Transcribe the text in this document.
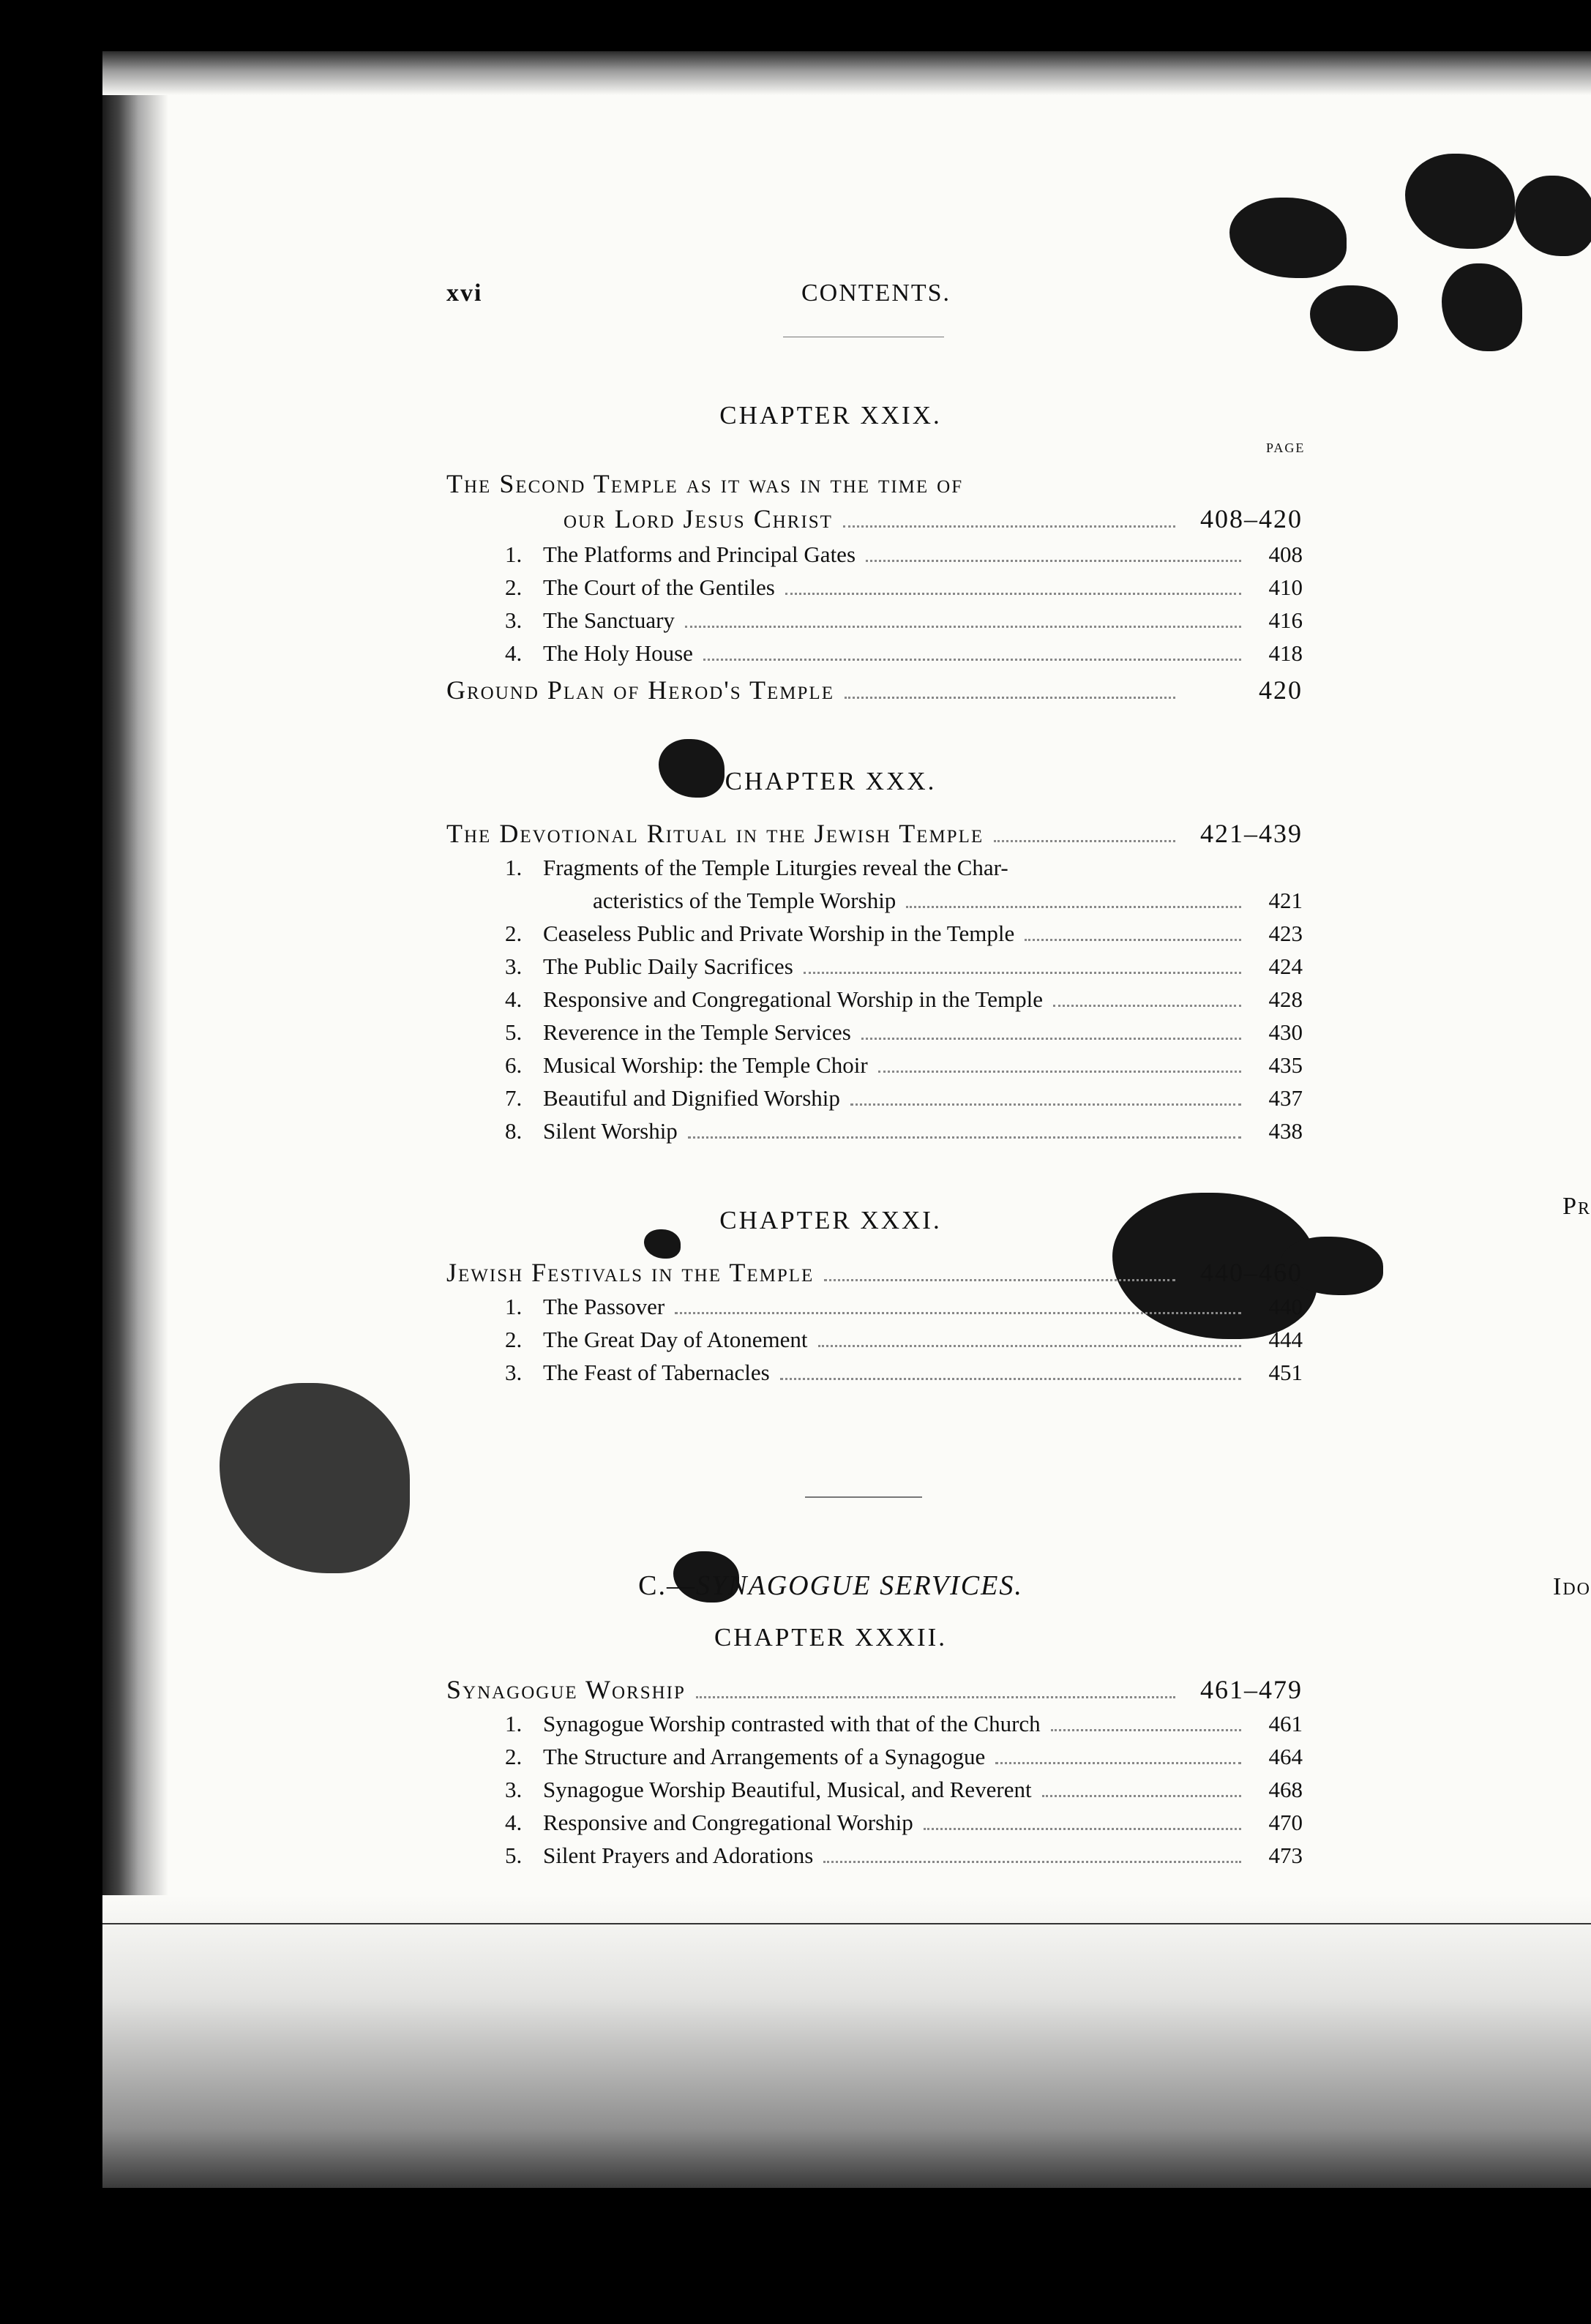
xvi	CONTENTS.
PAGE
CHAPTER XXIX.
The Second Temple as it was in the time of
our Lord Jesus Christ	408–420
1. The Platforms and Principal Gates	408
2. The Court of the Gentiles	410
3. The Sanctuary	416
4. The Holy House	418
Ground Plan of Herod's Temple	420
CHAPTER XXX.
The Devotional Ritual in the Jewish Temple	421–439
1. Fragments of the Temple Liturgies reveal the Char-
acteristics of the Temple Worship	421
2. Ceaseless Public and Private Worship in the Temple	423
3. The Public Daily Sacrifices	424
4. Responsive and Congregational Worship in the Temple	428
5. Reverence in the Temple Services	430
6. Musical Worship: the Temple Choir	435
7. Beautiful and Dignified Worship	437
8. Silent Worship	438
CHAPTER XXXI.
Jewish Festivals in the Temple	440–460
1. The Passover	440
2. The Great Day of Atonement	444
3. The Feast of Tabernacles	451
C.—SYNAGOGUE SERVICES.
CHAPTER XXXII.
Synagogue Worship	461–479
1. Synagogue Worship contrasted with that of the Church	461
2. The Structure and Arrangements of a Synagogue	464
3. Synagogue Worship Beautiful, Musical, and Reverent	468
4. Responsive and Congregational Worship	470
5. Silent Prayers and Adorations	473
Pr
Ido
